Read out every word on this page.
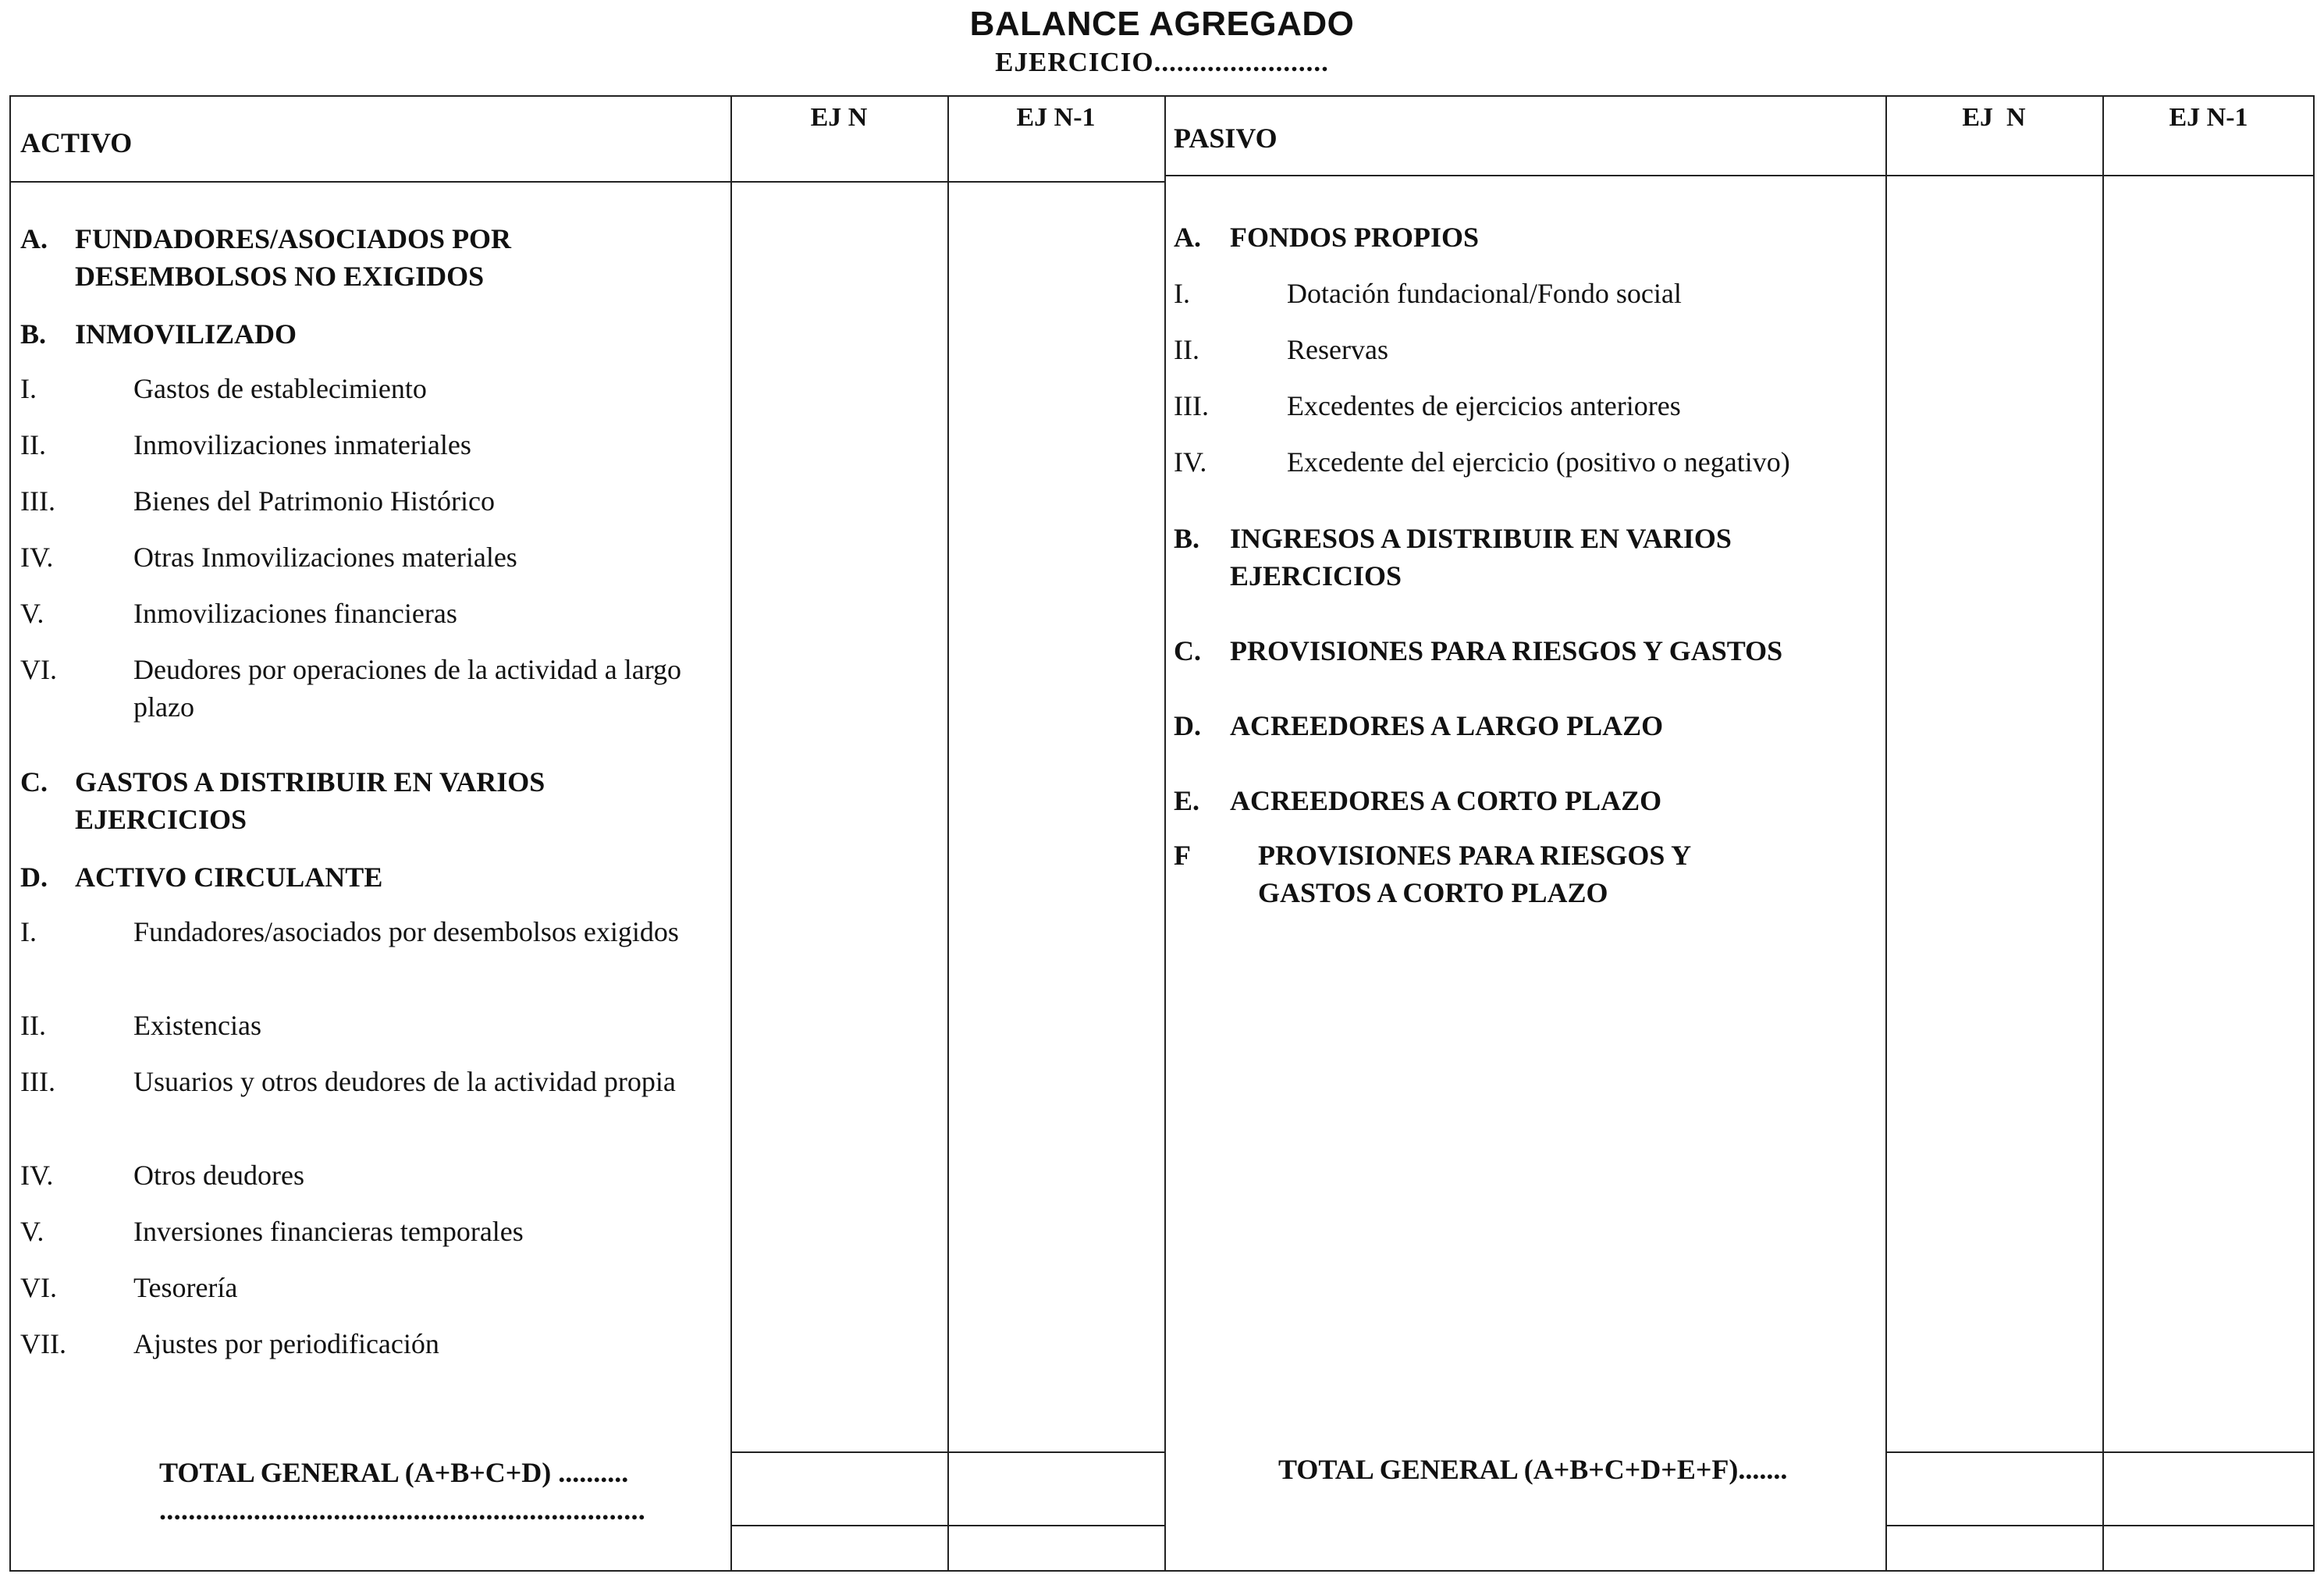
BALANCE AGREGADO
EJERCICIO.......................
ACTIVO
EJ N	EJ N-1
PASIVO
EJ  N	EJ N-1
A. FUNDADORES/ASOCIADOS POR DESEMBOLSOS NO EXIGIDOS
B.	INMOVILIZADO
I.	Gastos de establecimiento
II.	Inmovilizaciones inmateriales
III.	Bienes del Patrimonio Histórico
IV.	Otras Inmovilizaciones materiales
V.	Inmovilizaciones financieras
VI.	Deudores por operaciones de la actividad a largo plazo
C. GASTOS A DISTRIBUIR EN VARIOS EJERCICIOS
D. ACTIVO CIRCULANTE
I.	Fundadores/asociados por desembolsos exigidos
II.	Existencias
III.	Usuarios y otros deudores de la actividad propia
IV.	Otros deudores
V.	Inversiones financieras temporales
VI.	Tesorería
VII.	Ajustes por periodificación
TOTAL GENERAL (A+B+C+D) ..........
...................................................................
A.	FONDOS PROPIOS
I.	Dotación fundacional/Fondo social
II.	Reservas
III.	Excedentes de ejercicios anteriores
IV.	Excedente del ejercicio (positivo o negativo)
B.	INGRESOS A DISTRIBUIR EN VARIOS EJERCICIOS
C.	PROVISIONES PARA RIESGOS Y GASTOS
D.	ACREEDORES A LARGO PLAZO
E.	ACREEDORES A CORTO PLAZO
F	PROVISIONES PARA RIESGOS Y GASTOS A CORTO PLAZO
TOTAL GENERAL (A+B+C+D+E+F).......
